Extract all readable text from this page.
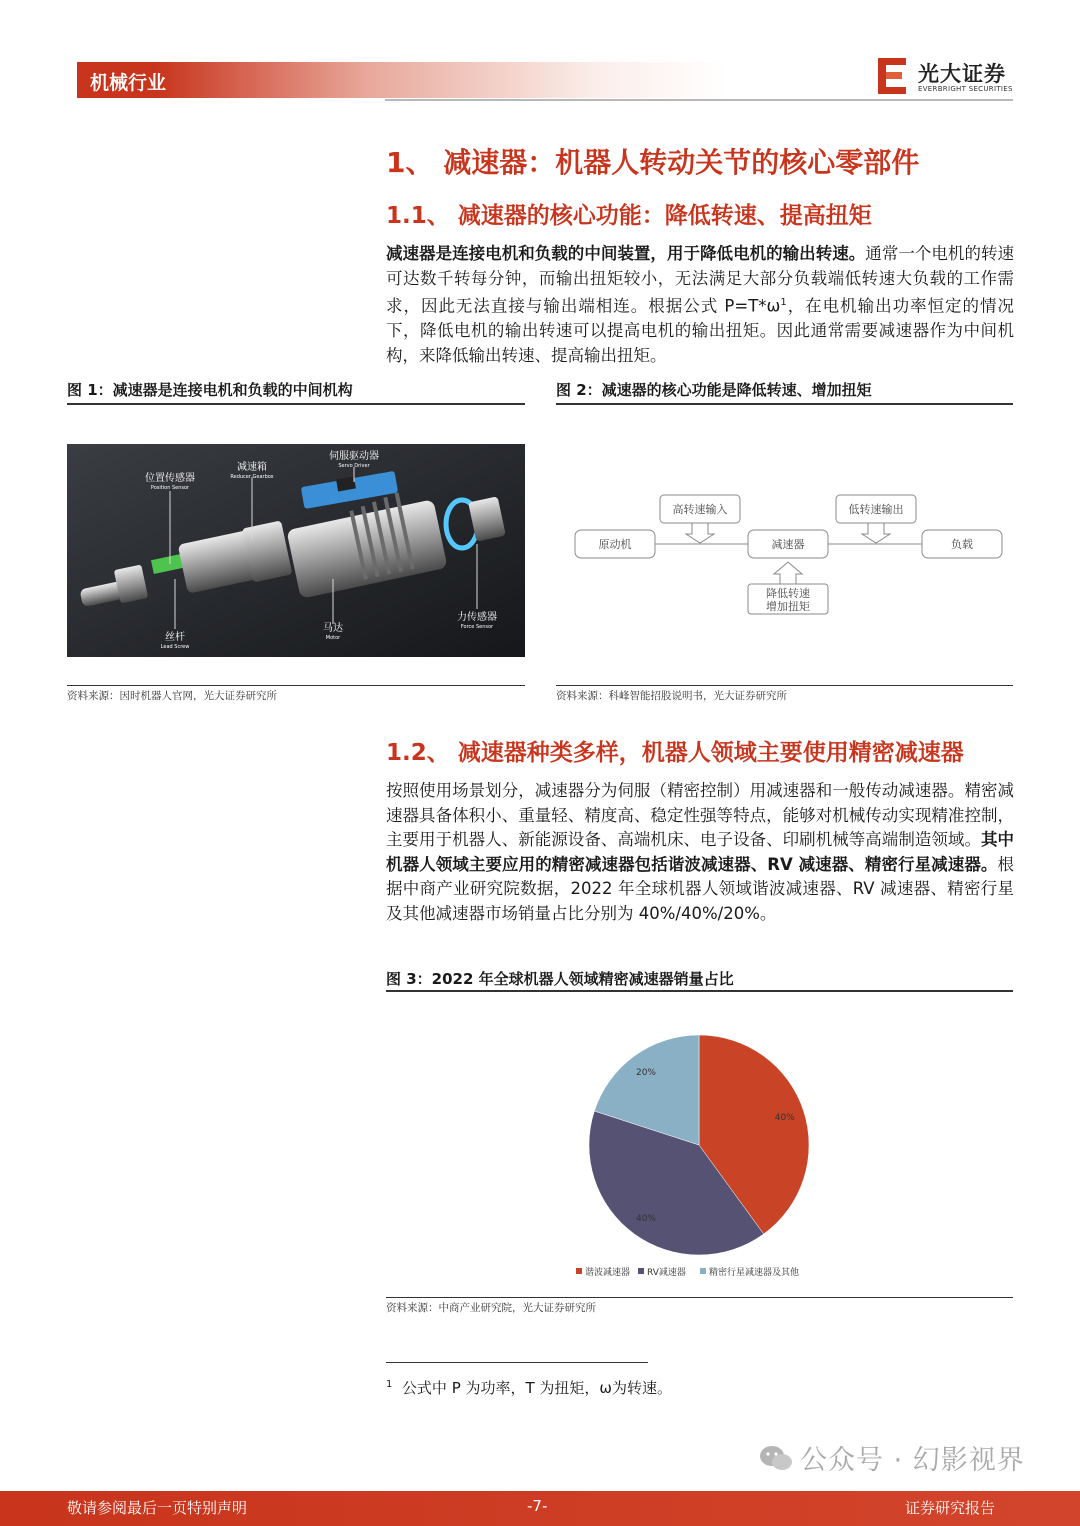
机械行业	光大证券
EVERBRIGHT SECURITIES
1、 减速器：机器人转动关节的核心零部件
1.1、 减速器的核心功能：降低转速、提高扭矩
减速器是连接电机和负载的中间装置，用于降低电机的输出转速。通常一个电机的转速可达数千转每分钟，而输出扭矩较小，无法满足大部分负载端低转速大负载的工作需求，因此无法直接与输出端相连。根据公式 $P=T*\omega^1$，在电机输出功率恒定的情况下，降低电机的输出转速可以提高电机的输出扭矩。因此通常需要减速器作为中间机构，来降低输出转速、提高输出扭矩。
图 1：减速器是连接电机和负载的中间机构
位置传感器
Position Sensor
减速箱
Reducer Gearbox
伺服驱动器
Servo Driver
丝杆
Lead Screw
马达
Motor
力传感器
Force Sensor
资料来源：因时机器人官网，光大证券研究所
图 2：减速器的核心功能是降低转速、增加扭矩
原动机	减速器	负载
高转速输入	低转速输出
降低转速
增加扭矩
资料来源：科峰智能招股说明书，光大证券研究所
1.2、 减速器种类多样，机器人领域主要使用精密减速器
按照使用场景划分，减速器分为伺服（精密控制）用减速器和一般传动减速器。精密减速器具备体积小、重量轻、精度高、稳定性强等特点，能够对机械传动实现精准控制，主要用于机器人、新能源设备、高端机床、电子设备、印刷机械等高端制造领域。其中机器人领域主要应用的精密减速器包括谐波减速器、RV 减速器、精密行星减速器。根据中商产业研究院数据，2022 年全球机器人领域谐波减速器、RV 减速器、精密行星及其他减速器市场销量占比分别为 40%/40%/20%。
图 3：2022 年全球机器人领域精密减速器销量占比
40%
40%
20%
谐波减速器 RV减速器	精密行星减速器及其他
资料来源：中商产业研究院，光大证券研究所
$^1$ 公式中 P 为功率，T 为扭矩，ω为转速。
公众号 · 幻影视界
敬请参阅最后一页特别声明	-7-	证券研究报告
